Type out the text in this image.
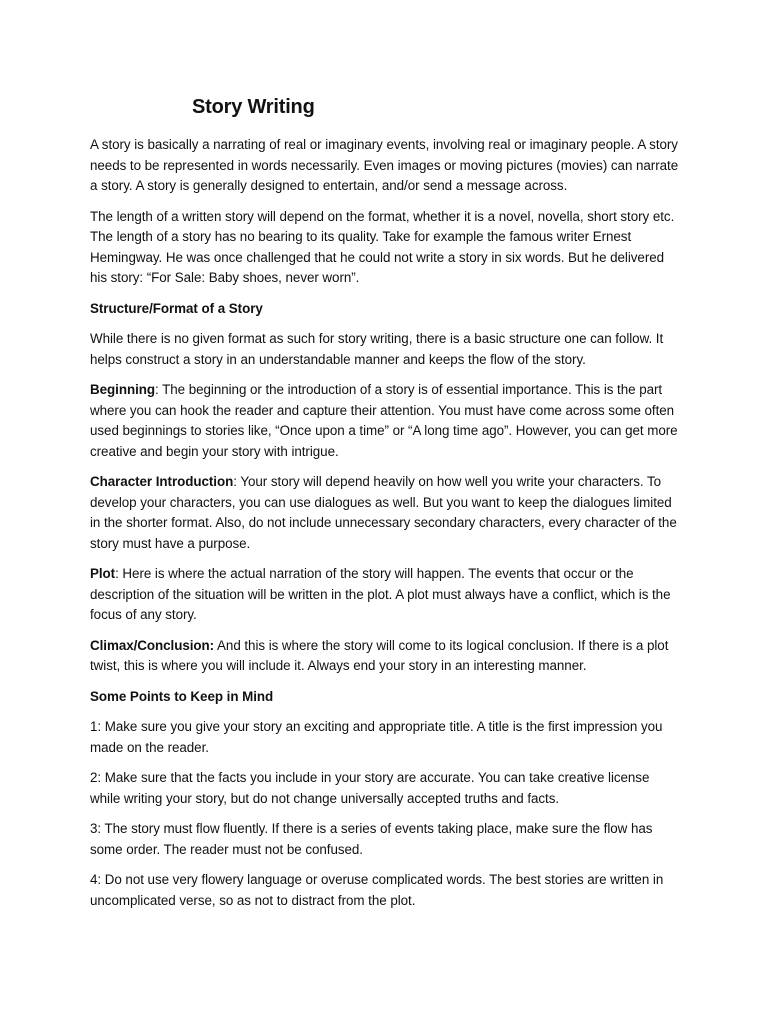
Story Writing

A story is basically a narrating of real or imaginary events, involving real or imaginary people. A story needs to be represented in words necessarily. Even images or moving pictures (movies) can narrate a story. A story is generally designed to entertain, and/or send a message across.

The length of a written story will depend on the format, whether it is a novel, novella, short story etc. The length of a story has no bearing to its quality. Take for example the famous writer Ernest Hemingway. He was once challenged that he could not write a story in six words. But he delivered his story: “For Sale: Baby shoes, never worn”.

Structure/Format of a Story

While there is no given format as such for story writing, there is a basic structure one can follow. It helps construct a story in an understandable manner and keeps the flow of the story.

Beginning: The beginning or the introduction of a story is of essential importance. This is the part where you can hook the reader and capture their attention. You must have come across some often used beginnings to stories like, “Once upon a time” or “A long time ago”. However, you can get more creative and begin your story with intrigue.

Character Introduction: Your story will depend heavily on how well you write your characters. To develop your characters, you can use dialogues as well. But you want to keep the dialogues limited in the shorter format. Also, do not include unnecessary secondary characters, every character of the story must have a purpose.

Plot: Here is where the actual narration of the story will happen. The events that occur or the description of the situation will be written in the plot. A plot must always have a conflict, which is the focus of any story.

Climax/Conclusion: And this is where the story will come to its logical conclusion. If there is a plot twist, this is where you will include it. Always end your story in an interesting manner.

Some Points to Keep in Mind

1: Make sure you give your story an exciting and appropriate title. A title is the first impression you made on the reader.

2: Make sure that the facts you include in your story are accurate. You can take creative license while writing your story, but do not change universally accepted truths and facts.

3: The story must flow fluently. If there is a series of events taking place, make sure the flow has some order. The reader must not be confused.

4: Do not use very flowery language or overuse complicated words. The best stories are written in uncomplicated verse, so as not to distract from the plot.
